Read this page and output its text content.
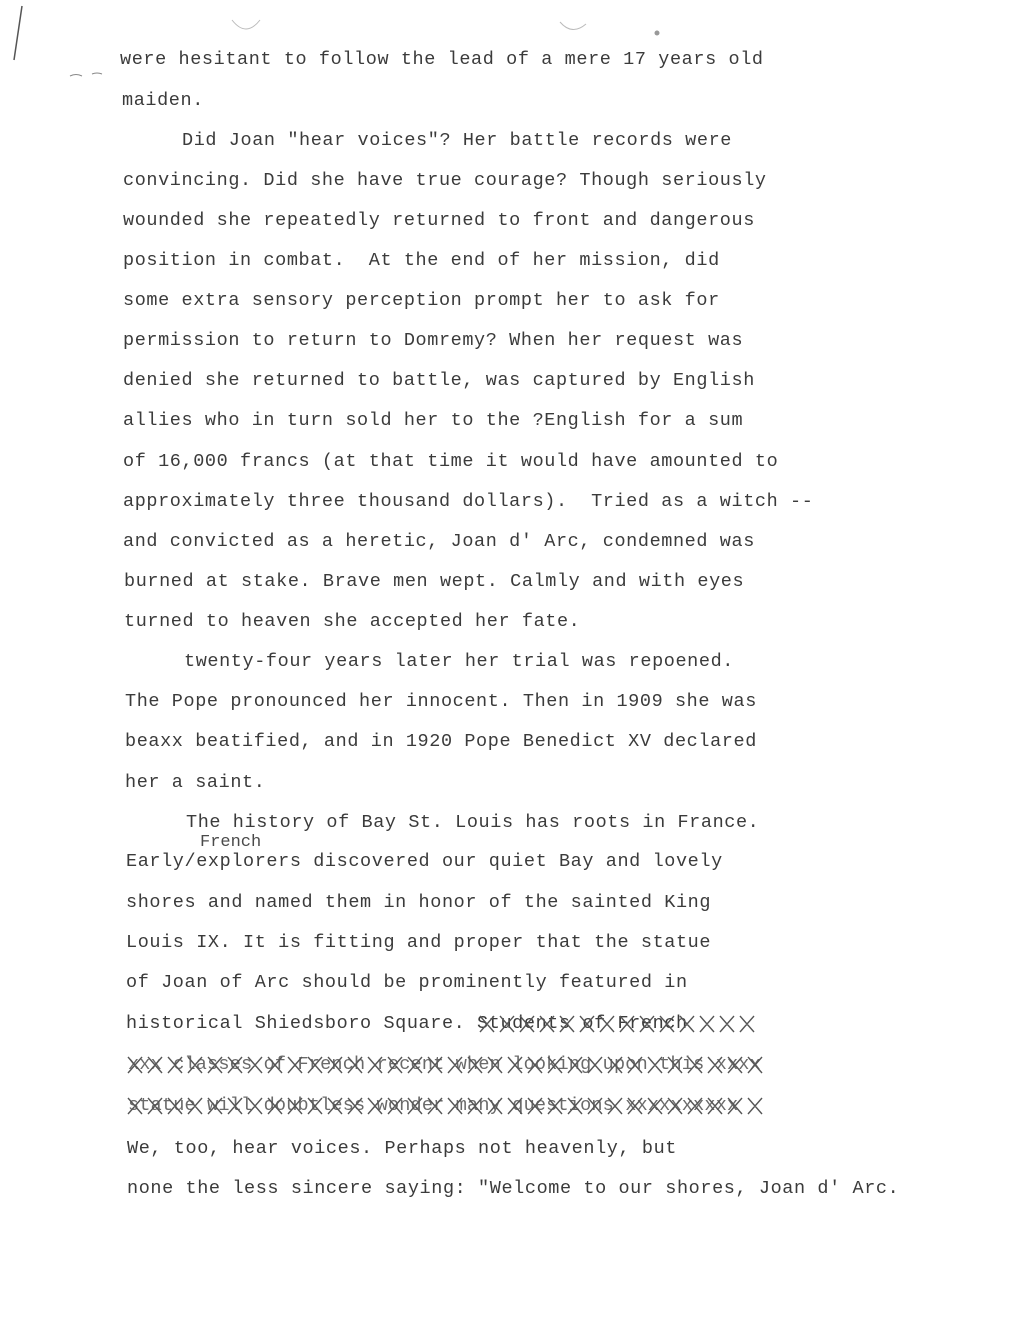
were hesitant to follow the lead of a mere 17 years old
maiden.
Did Joan "hear voices"? Her battle records were
convincing. Did she have true courage? Though seriously
wounded she repeatedly returned to front and dangerous
position in combat.  At the end of her mission, did
some extra sensory perception prompt her to ask for
permission to return to Domremy? When her request was
denied she returned to battle, was captured by English
allies who in turn sold her to the ?English for a sum
of 16,000 francs (at that time it would have amounted to
approximately three thousand dollars).  Tried as a witch --
and convicted as a heretic, Joan d' Arc, condemned was
burned at stake. Brave men wept. Calmly and with eyes
turned to heaven she accepted her fate.
twenty-four years later her trial was repoened.
The Pope pronounced her innocent. Then in 1909 she was
beaxx beatified, and in 1920 Pope Benedict XV declared
her a saint.
The history of Bay St. Louis has roots in France.
French
Early/explorers discovered our quiet Bay and lovely
shores and named them in honor of the sainted King
Louis IX. It is fitting and proper that the statue
of Joan of Arc should be prominently featured in
historical Shiedsboro Square. Students of French
xxx classes of French recent when looking upon this xxxx
statue will doubtless wonder many questions xxxxxxxxxx
We, too, hear voices. Perhaps not heavenly, but
none the less sincere saying: "Welcome to our shores, Joan d' Arc.
